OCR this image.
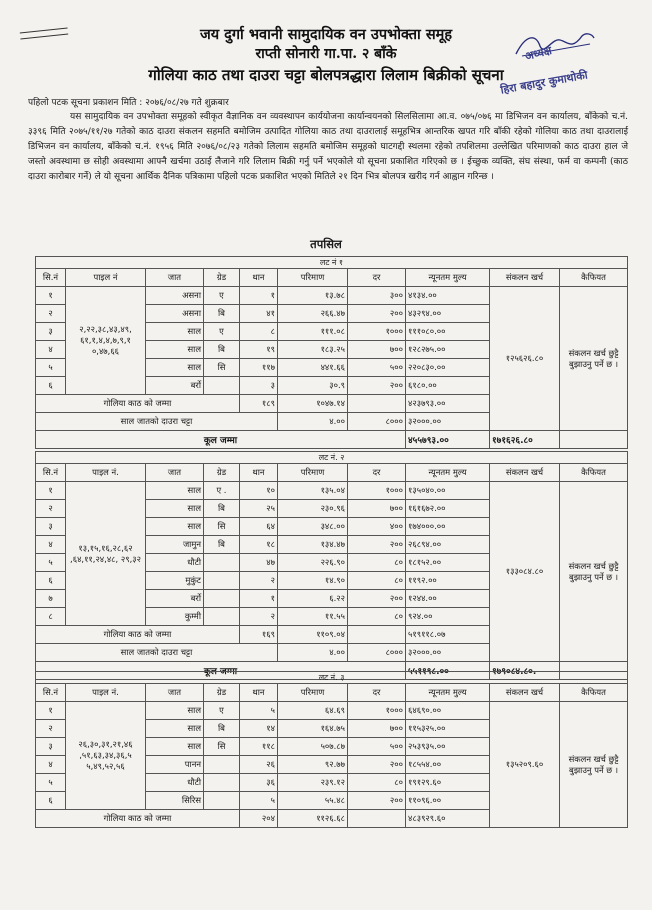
जय दुर्गा भवानी सामुदायिक वन उपभोक्ता समूह
राप्ती सोनारी गा.पा. २ बाँके
गोलिया काठ तथा दाउरा चट्टा बोलपत्रद्धारा लिलाम बिक्रीको सूचना
अध्यक्ष
हिरा बहादुर कुमाथोकी
पहिलो पटक सूचना प्रकाशन मिति : २०७६/०८/२७ गते शुक्रबार

यस सामुदायिक वन उपभोक्ता समूहको स्वीकृत वैज्ञानिक वन व्यवस्थापन कार्ययोजना कार्यान्वयनको सिलसिलामा आ.व. ०७५/०७६ मा डिभिजन वन कार्यालय, बाँकेको च.नं. ३३९६ मिति २०७५/११/२७ गतेको काठ दाउरा संकलन सहमति बमोजिम उत्पादित गोलिया काठ तथा दाउरालाई समूहभित्र आन्तरिक खपत गरि बाँकी रहेको गोलिया काठ तथा दाउरालाई डिभिजन वन कार्यालय, बाँकेको च.नं. १९५६ मिति २०७६/०८/२३ गतेको लिलाम सहमति बमोजिम समूहको घाटगद्दी स्थलमा रहेको तपशिलमा उल्लेखित परिमाणको काठ दाउरा हाल जे जस्तो अवस्थामा छ सोही अवस्थामा आफ्नै खर्चमा उठाई लैजाने गरि लिलाम बिक्री गर्नु पर्ने भएकोले यो सूचना प्रकाशित गरिएको छ । ईच्छुक व्यक्ति, संघ संस्था, फर्म वा कम्पनी (काठ दाउरा कारोबार गर्ने) ले यो सूचना आर्थिक दैनिक पत्रिकामा पहिलो पटक प्रकाशित भएको मितिले २१ दिन भित्र बोलपत्र खरीद गर्न आह्वान गरिन्छ ।

तपसिल
लट नं १										
सि.नं	पाइल नं	जात	ग्रेड	थान	परिमाण	दर	न्यूनतम मुल्य	संकलन खर्च	कैफियत	
१	२,२२,३८,४३,४९, ६१,१,४,४,७,९,१ ०,४७,६६	असना	ए	१	१३.७८	३००	४१३४.००	१२५६२६.८०	संकलन खर्च छुट्टै बुझाउनु पर्ने छ ।	
२		असना	बि	४१	२६६.४७	२००	४३२९४.००			
३		साल	ए	८	१११.०८	१०००	१११०८०.००			
४		साल	बि	१९	१८३.२५	७००	१२८२७५.००			
५		साल	सि	११७	४४१.६६	५००	२२०८३०.००			
६		बर्रो		३	३०.९	२००	६१८०.००			
गोलिया काठ को जम्मा				१८९	१०४७.१४		४२३७९३.००			
साल जातको दाउरा चट्टा					४.००	८०००	३२०००.००	
कूल जम्मा							४५५७९३.००	१७१६२६.८०		
लट नं. २										
सि.नं	पाइल नं.	जात	ग्रेड	थान	परिमाण	दर	न्यूनतम मुल्य	संकलन खर्च	कैफियत	
१	१३,१५,१६,२८,६२ ,६४,११,२४,४८, २९,३२	साल	ए .	१०	१३५.०४	१०००	१३५०४०.००	१३३०८४.८०	संकलन खर्च छुट्टै बुझाउनु पर्ने छ ।	
२		साल	बि	२५	२३०.९६	७००	१६१६७२.००			
३		साल	सि	६४	३४८.००	४००	१७४०००.००			
४		जामुन	बि	१८	१३४.४७	२००	२६८९४.००			
५		धौटी		४७	२२६.९०	८०	१८१५२.००			
६		मुकुंट		२	१४.९०	८०	११९२.००			
७		बर्रो		१	६.२२	२००	१२४४.००			
८		कुम्मी		२	११.५५	८०	९२४.००			
गोलिया काठ को जम्मा				१६९	११०९.०४		५१९११८.०७			
साल जातको दाउरा चट्टा					४.००	८०००	३२०००.००	
कूल जम्मा							५५११९८.००	१७९०८४.८०.		
लट नं. ३									
सि.नं	पाइल नं.	जात	ग्रेड	थान	परिमाण	दर	न्यूनतम मुल्य	संकलन खर्च	कैफियत
१	२६,३०,३१,२१,४६ ,५१,६३,३४,३६,५ ५,४९,५२,५६	साल	ए	५	६४.६९	१०००	६४६९०.००	१३५२०९.६०	संकलन खर्च छुट्टै बुझाउनु पर्ने छ ।
२		साल	बि	१४	१६४.७५	७००	११५३२५.००		
३		साल	सि	११८	५०७.८७	५००	२५३९३५.००		
४		पानन		२६	९२.७७	२००	१८५५४.००		
५		धौटी		३६	२३९.१२	८०	१९१२९.६०		
६		सिरिस		५	५५.४८	२००	११०९६.००		
गोलिया काठ को जम्मा				२०४	११२६.६८		४८३९२९.६०		
